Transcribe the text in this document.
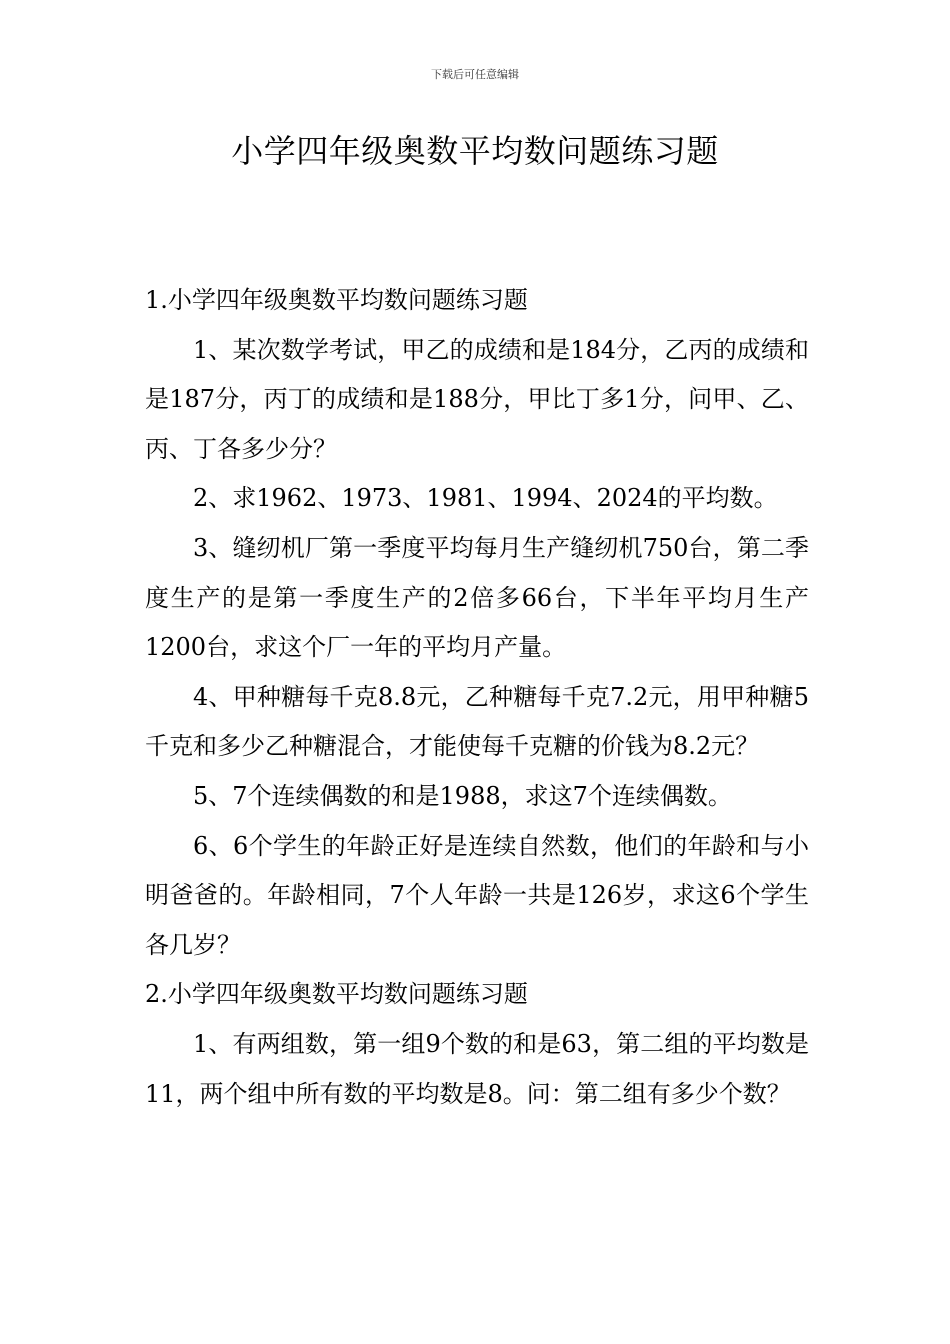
下载后可任意编辑
小学四年级奥数平均数问题练习题

1.小学四年级奥数平均数问题练习题

1、某次数学考试，甲乙的成绩和是184分，乙丙的成绩和是187分，丙丁的成绩和是188分，甲比丁多1分，问甲、乙、丙、丁各多少分？

2、求1962、1973、1981、1994、2024的平均数。

3、缝纫机厂第一季度平均每月生产缝纫机750台，第二季度生产的是第一季度生产的2倍多66台，下半年平均月生产1200台，求这个厂一年的平均月产量。

4、甲种糖每千克8.8元，乙种糖每千克7.2元，用甲种糖5千克和多少乙种糖混合，才能使每千克糖的价钱为8.2元？

5、7个连续偶数的和是1988，求这7个连续偶数。

6、6个学生的年龄正好是连续自然数，他们的年龄和与小明爸爸的。年龄相同，7个人年龄一共是126岁，求这6个学生各几岁？

2.小学四年级奥数平均数问题练习题

1、有两组数，第一组9个数的和是63，第二组的平均数是11，两个组中所有数的平均数是8。问：第二组有多少个数？
